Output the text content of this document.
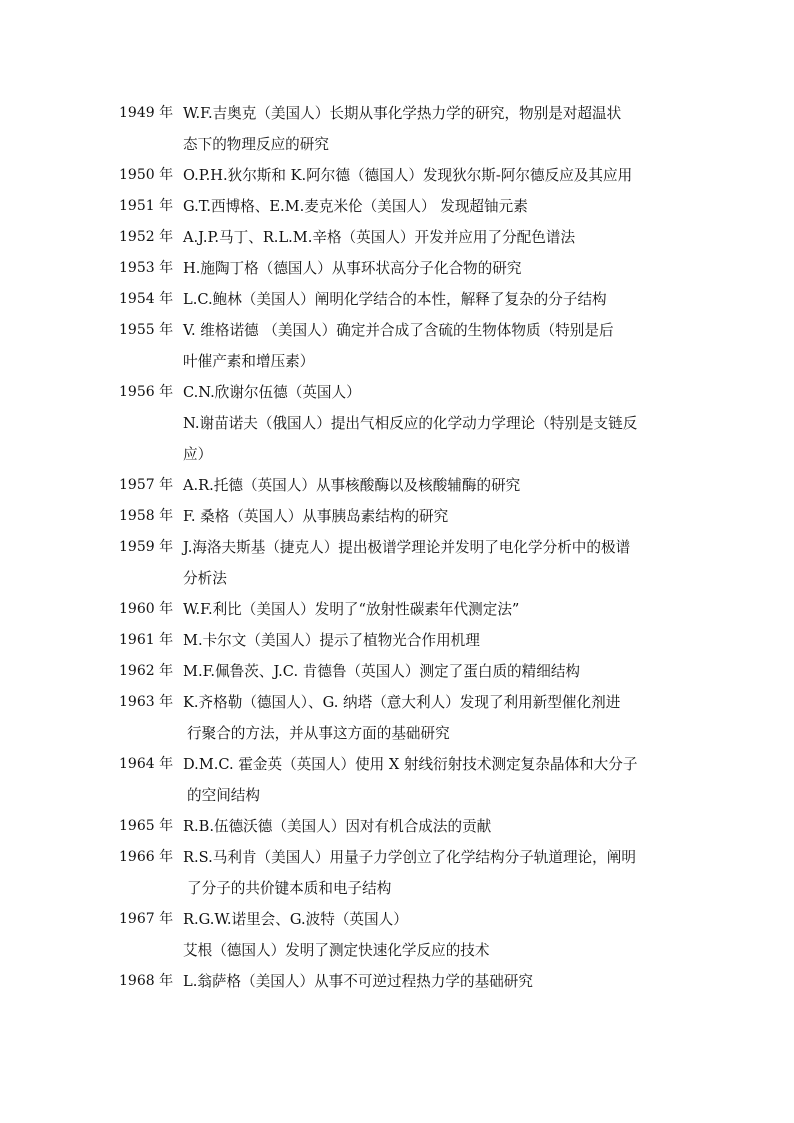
1949 年 W.F.吉奥克（美国人）长期从事化学热力学的研究，物别是对超温状
态下的物理反应的研究
1950 年 O.P.H.狄尔斯和 K.阿尔德（德国人）发现狄尔斯-阿尔德反应及其应用
1951 年 G.T.西博格、E.M.麦克米伦（美国人） 发现超铀元素
1952 年 A.J.P.马丁、R.L.M.辛格（英国人）开发并应用了分配色谱法
1953 年 H.施陶丁格（德国人）从事环状高分子化合物的研究
1954 年 L.C.鲍林（美国人）阐明化学结合的本性，解释了复杂的分子结构
1955 年 V. 维格诺德 （美国人）确定并合成了含硫的生物体物质（特别是后
叶催产素和增压素）
1956 年 C.N.欣谢尔伍德（英国人）
N.谢苗诺夫（俄国人）提出气相反应的化学动力学理论（特别是支链反
应）
1957 年 A.R.托德（英国人）从事核酸酶以及核酸辅酶的研究
1958 年 F. 桑格（英国人）从事胰岛素结构的研究
1959 年 J.海洛夫斯基（捷克人）提出极谱学理论并发明了电化学分析中的极谱
分析法
1960 年 W.F.利比（美国人）发明了“放射性碳素年代测定法”
1961 年 M.卡尔文（美国人）提示了植物光合作用机理
1962 年 M.F.佩鲁茨、J.C. 肯德鲁（英国人）测定了蛋白质的精细结构
1963 年 K.齐格勒（德国人）、G. 纳塔（意大利人）发现了利用新型催化剂进
行聚合的方法，并从事这方面的基础研究
1964 年 D.M.C. 霍金英（英国人）使用 X 射线衍射技术测定复杂晶体和大分子
的空间结构
1965 年 R.B.伍德沃德（美国人）因对有机合成法的贡献
1966 年 R.S.马利肯（美国人）用量子力学创立了化学结构分子轨道理论，阐明
了分子的共价键本质和电子结构
1967 年 R.G.W.诺里会、G.波特（英国人）
艾根（德国人）发明了测定快速化学反应的技术
1968 年 L.翁萨格（美国人）从事不可逆过程热力学的基础研究
